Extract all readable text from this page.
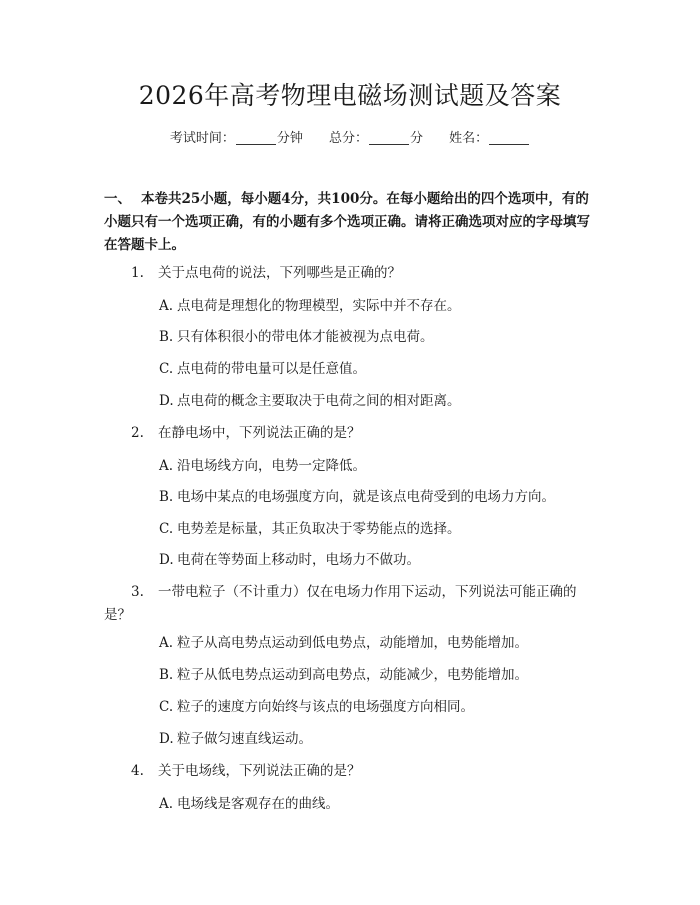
2026年高考物理电磁场测试题及答案
考试时间：	分钟 总分：	分 姓名：
一、 本卷共25小题，每小题4分，共100分。在每小题给出的四个选项中，有的小题只有一个选项正确，有的小题有多个选项正确。请将正确选项对应的字母填写在答题卡上。
1. 关于点电荷的说法，下列哪些是正确的？
A. 点电荷是理想化的物理模型，实际中并不存在。
B. 只有体积很小的带电体才能被视为点电荷。
C. 点电荷的带电量可以是任意值。
D. 点电荷的概念主要取决于电荷之间的相对距离。
2. 在静电场中，下列说法正确的是？
A. 沿电场线方向，电势一定降低。
B. 电场中某点的电场强度方向，就是该点电荷受到的电场力方向。
C. 电势差是标量，其正负取决于零势能点的选择。
D. 电荷在等势面上移动时，电场力不做功。
3. 一带电粒子（不计重力）仅在电场力作用下运动，下列说法可能正确的是？
A. 粒子从高电势点运动到低电势点，动能增加，电势能增加。
B. 粒子从低电势点运动到高电势点，动能减少，电势能增加。
C. 粒子的速度方向始终与该点的电场强度方向相同。
D. 粒子做匀速直线运动。
4. 关于电场线，下列说法正确的是？
A. 电场线是客观存在的曲线。
